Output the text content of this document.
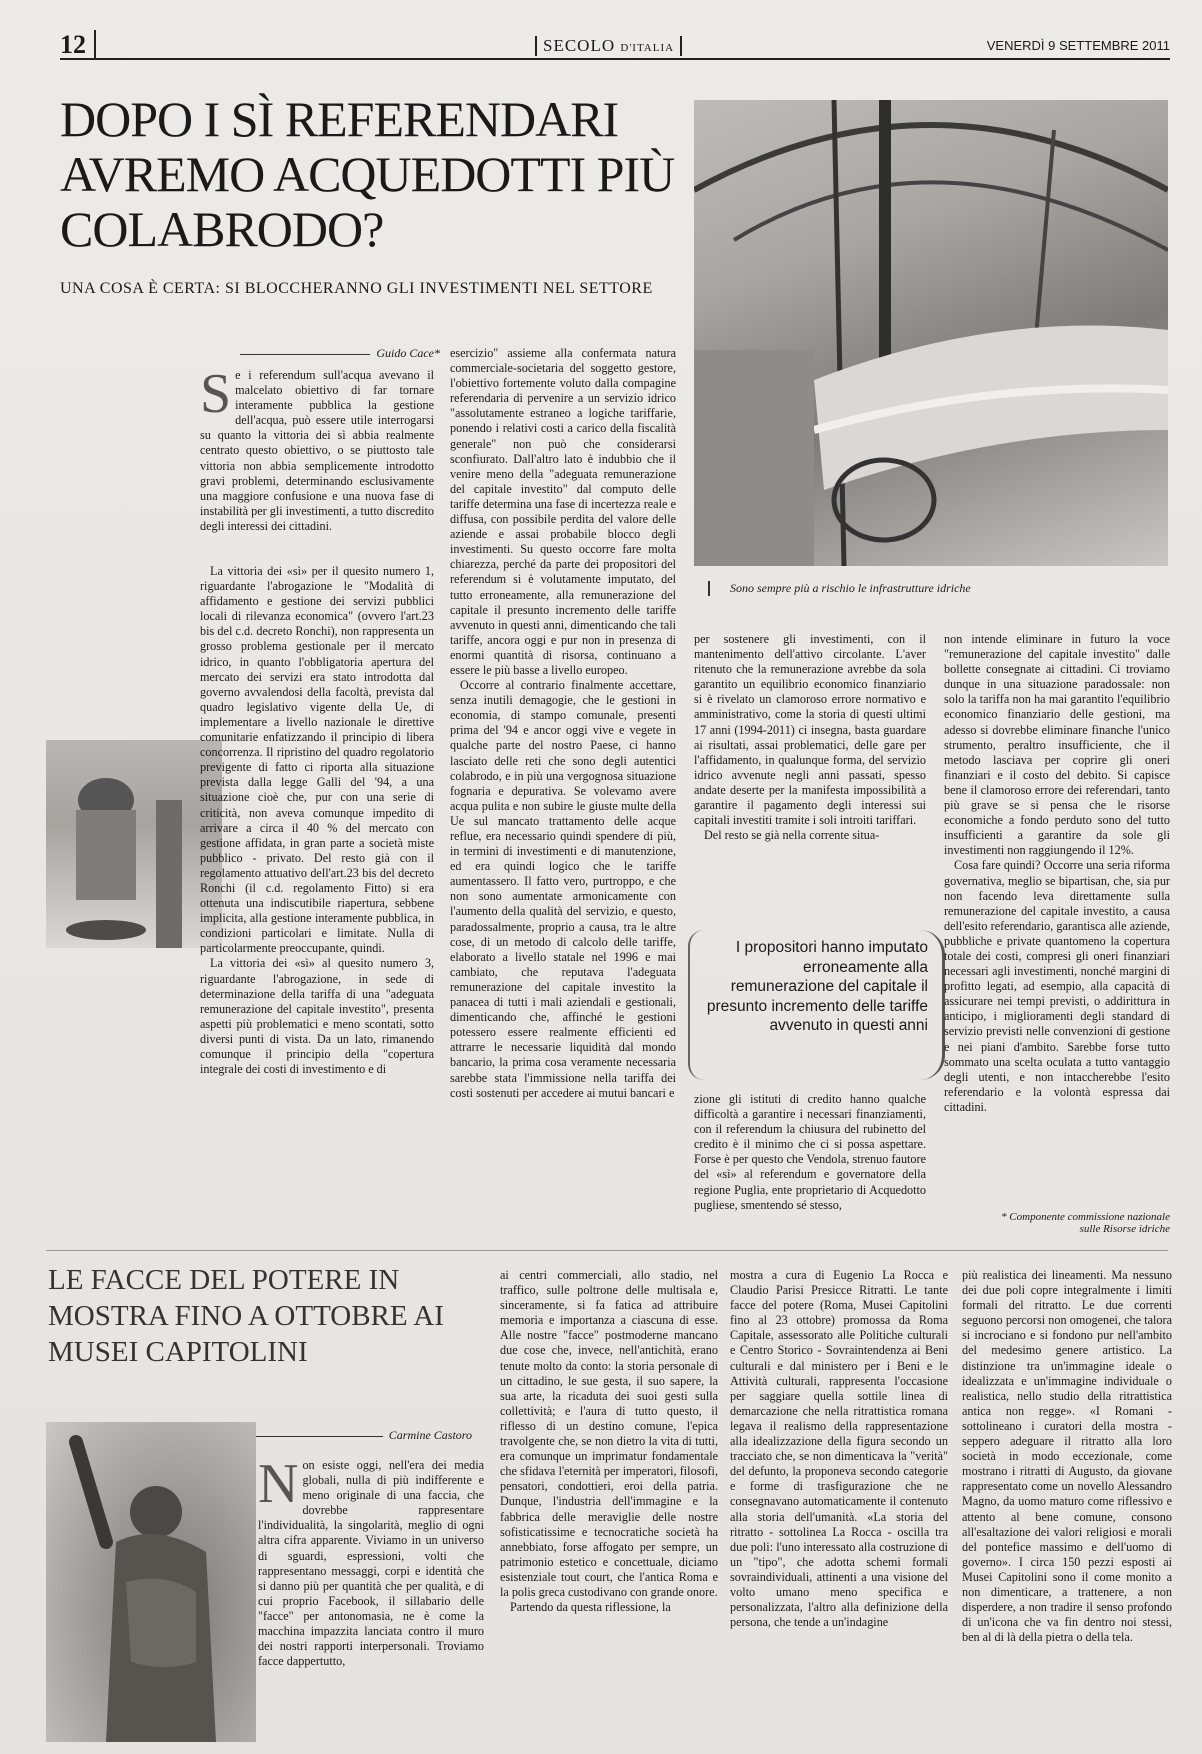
12	SECOLO D'ITALIA	VENERDÌ 9 SETTEMBRE 2011
DOPO I SÌ REFERENDARI AVREMO ACQUEDOTTI PIÙ COLABRODO?
UNA COSA È CERTA: SI BLOCCHERANNO GLI INVESTIMENTI NEL SETTORE
Sono sempre più a rischio le infrastrutture idriche
Guido Cace*

Se i referendum sull'acqua avevano il malcelato obiettivo di far tornare interamente pubblica la gestione dell'acqua, può essere utile interrogarsi su quanto la vittoria dei sì abbia realmente centrato questo obiettivo, o se piuttosto tale vittoria non abbia semplicemente introdotto gravi problemi, determinando esclusivamente una maggiore confusione e una nuova fase di instabilità per gli investimenti, a tutto discredito degli interessi dei cittadini.

La vittoria dei «sì» per il quesito numero 1, riguardante l'abrogazione le "Modalità di affidamento e gestione dei servizi pubblici locali di rilevanza economica" (ovvero l'art.23 bis del c.d. decreto Ronchi), non rappresenta un grosso problema gestionale per il mercato idrico, in quanto l'obbligatoria apertura del mercato dei servizi era stato introdotta dal governo avvalendosi della facoltà, prevista dal quadro legislativo vigente della Ue, di implementare a livello nazionale le direttive comunitarie enfatizzando il principio di libera concorrenza. Il ripristino del quadro regolatorio previgente di fatto ci riporta alla situazione prevista dalla legge Galli del '94, a una situazione cioè che, pur con una serie di criticità, non aveva comunque impedito di arrivare a circa il 40 % del mercato con gestione affidata, in gran parte a società miste pubblico - privato. Del resto già con il regolamento attuativo dell'art.23 bis del decreto Ronchi (il c.d. regolamento Fitto) si era ottenuta una indiscutibile riapertura, sebbene implicita, alla gestione interamente pubblica, in condizioni particolari e limitate. Nulla di particolarmente preoccupante, quindi.

La vittoria dei «sì» al quesito numero 3, riguardante l'abrogazione, in sede di determinazione della tariffa di una "adeguata remunerazione del capitale investito", presenta aspetti più problematici e meno scontati, sotto diversi punti di vista. Da un lato, rimanendo comunque il principio della "copertura integrale dei costi di investimento e di

esercizio" assieme alla confermata natura commerciale-societaria del soggetto gestore, l'obiettivo fortemente voluto dalla compagine referendaria di pervenire a un servizio idrico "assolutamente estraneo a logiche tariffarie, ponendo i relativi costi a carico della fiscalità generale" non può che considerarsi sconfiurato. Dall'altro lato è indubbio che il venire meno della "adeguata remunerazione del capitale investito" dal computo delle tariffe determina una fase di incertezza reale e diffusa, con possibile perdita del valore delle aziende e assai probabile blocco degli investimenti. Su questo occorre fare molta chiarezza, perché da parte dei propositori del referendum si è volutamente imputato, del tutto erroneamente, alla remunerazione del capitale il presunto incremento delle tariffe avvenuto in questi anni, dimenticando che tali tariffe, ancora oggi e pur non in presenza di enormi quantità di risorsa, continuano a essere le più basse a livello europeo.

Occorre al contrario finalmente accettare, senza inutili demagogie, che le gestioni in economia, di stampo comunale, presenti prima del '94 e ancor oggi vive e vegete in qualche parte del nostro Paese, ci hanno lasciato delle reti che sono degli autentici colabrodo, e in più una vergognosa situazione fognaria e depurativa. Se volevamo avere acqua pulita e non subire le giuste multe della Ue sul mancato trattamento delle acque reflue, era necessario quindi spendere di più, in termini di investimenti e di manutenzione, ed era quindi logico che le tariffe aumentassero. Il fatto vero, purtroppo, e che non sono aumentate armonicamente con l'aumento della qualità del servizio, e questo, paradossalmente, proprio a causa, tra le altre cose, di un metodo di calcolo delle tariffe, elaborato a livello statale nel 1996 e mai cambiato, che reputava l'adeguata remunerazione del capitale investito la panacea di tutti i mali aziendali e gestionali, dimenticando che, affinché le gestioni potessero essere realmente efficienti ed attrarre le necessarie liquidità dal mondo bancario, la prima cosa veramente necessaria sarebbe stata l'immissione nella tariffa dei costi sostenuti per accedere ai mutui bancari e

per sostenere gli investimenti, con il mantenimento dell'attivo circolante. L'aver ritenuto che la remunerazione avrebbe da sola garantito un equilibrio economico finanziario si è rivelato un clamoroso errore normativo e amministrativo, come la storia di questi ultimi 17 anni (1994-2011) ci insegna, basta guardare ai risultati, assai problematici, delle gare per l'affidamento, in qualunque forma, del servizio idrico avvenute negli anni passati, spesso andate deserte per la manifesta impossibilità a garantire il pagamento degli interessi sui capitali investiti tramite i soli introiti tariffari.

Del resto se già nella corrente situa-

I propositori hanno imputato erroneamente alla remunerazione del capitale il presunto incremento delle tariffe avvenuto in questi anni

zione gli istituti di credito hanno qualche difficoltà a garantire i necessari finanziamenti, con il referendum la chiusura del rubinetto del credito è il minimo che ci si possa aspettare. Forse è per questo che Vendola, strenuo fautore del «sì» al referendum e governatore della regione Puglia, ente proprietario di Acquedotto pugliese, smentendo sé stesso,

non intende eliminare in futuro la voce "remunerazione del capitale investito" dalle bollette consegnate ai cittadini. Ci troviamo dunque in una situazione paradossale: non solo la tariffa non ha mai garantito l'equilibrio economico finanziario delle gestioni, ma adesso si dovrebbe eliminare finanche l'unico strumento, peraltro insufficiente, che il metodo lasciava per coprire gli oneri finanziari e il costo del debito. Si capisce bene il clamoroso errore dei referendari, tanto più grave se si pensa che le risorse economiche a fondo perduto sono del tutto insufficienti a garantire da sole gli investimenti non raggiungendo il 12%.

Cosa fare quindi? Occorre una seria riforma governativa, meglio se bipartisan, che, sia pur non facendo leva direttamente sulla remunerazione del capitale investito, a causa dell'esito referendario, garantisca alle aziende, pubbliche e private quantomeno la copertura totale dei costi, compresi gli oneri finanziari necessari agli investimenti, nonché margini di profitto legati, ad esempio, alla capacità di assicurare nei tempi previsti, o addirittura in anticipo, i miglioramenti degli standard di servizio previsti nelle convenzioni di gestione e nei piani d'ambito. Sarebbe forse tutto sommato una scelta oculata a tutto vantaggio degli utenti, e non intaccherebbe l'esito referendario e la volontà espressa dai cittadini.

* Componente commissione nazionale sulle Risorse idriche
LE FACCE DEL POTERE IN MOSTRA FINO A OTTOBRE AI MUSEI CAPITOLINI
Carmine Castoro

Non esiste oggi, nell'era dei media globali, nulla di più indifferente e meno originale di una faccia, che dovrebbe rappresentare l'individualità, la singolarità, meglio di ogni altra cifra apparente. Viviamo in un universo di sguardi, espressioni, volti che rappresentano messaggi, corpi e identità che si danno più per quantità che per qualità, e di cui proprio Facebook, il sillabario delle "facce" per antonomasia, ne è come la macchina impazzita lanciata contro il muro dei nostri rapporti interpersonali. Troviamo facce dappertutto,

ai centri commerciali, allo stadio, nel traffico, sulle poltrone delle multisala e, sinceramente, si fa fatica ad attribuire memoria e importanza a ciascuna di esse. Alle nostre "facce" postmoderne mancano due cose che, invece, nell'antichità, erano tenute molto da conto: la storia personale di un cittadino, le sue gesta, il suo sapere, la sua arte, la ricaduta dei suoi gesti sulla collettività; e l'aura di tutto questo, il riflesso di un destino comune, l'epica travolgente che, se non dietro la vita di tutti, era comunque un imprimatur fondamentale che sfidava l'eternità per imperatori, filosofi, pensatori, condottieri, eroi della patria. Dunque, l'industria dell'immagine e la fabbrica delle meraviglie delle nostre sofisticatissime e tecnocratiche società ha annebbiato, forse affogato per sempre, un patrimonio estetico e concettuale, diciamo esistenziale tout court, che l'antica Roma e la polis greca custodivano con grande onore.

Partendo da questa riflessione, la

mostra a cura di Eugenio La Rocca e Claudio Parisi Presicce Ritratti. Le tante facce del potere (Roma, Musei Capitolini fino al 23 ottobre) promossa da Roma Capitale, assessorato alle Politiche culturali e Centro Storico - Sovraintendenza ai Beni culturali e dal ministero per i Beni e le Attività culturali, rappresenta l'occasione per saggiare quella sottile linea di demarcazione che nella ritrattistica romana legava il realismo della rappresentazione alla idealizzazione della figura secondo un tracciato che, se non dimenticava la "verità" del defunto, la proponeva secondo categorie e forme di trasfigurazione che ne consegnavano automaticamente il contenuto alla storia dell'umanità. «La storia del ritratto - sottolinea La Rocca - oscilla tra due poli: l'uno interessato alla costruzione di un "tipo", che adotta schemi formali sovraindividuali, attinenti a una visione del volto umano meno specifica e personalizzata, l'altro alla definizione della persona, che tende a un'indagine

più realistica dei lineamenti. Ma nessuno dei due poli copre integralmente i limiti formali del ritratto. Le due correnti seguono percorsi non omogenei, che talora si incrociano e si fondono pur nell'ambito del medesimo genere artistico. La distinzione tra un'immagine ideale o idealizzata e un'immagine individuale o realistica, nello studio della ritrattistica antica non regge». «I Romani - sottolineano i curatori della mostra - seppero adeguare il ritratto alla loro società in modo eccezionale, come mostrano i ritratti di Augusto, da giovane rappresentato come un novello Alessandro Magno, da uomo maturo come riflessivo e attento al bene comune, consono all'esaltazione dei valori religiosi e morali del pontefice massimo e dell'uomo di governo». I circa 150 pezzi esposti ai Musei Capitolini sono il come monito a non dimenticare, a trattenere, a non disperdere, a non tradire il senso profondo di un'icona che va fin dentro noi stessi, ben al di là della pietra o della tela.
